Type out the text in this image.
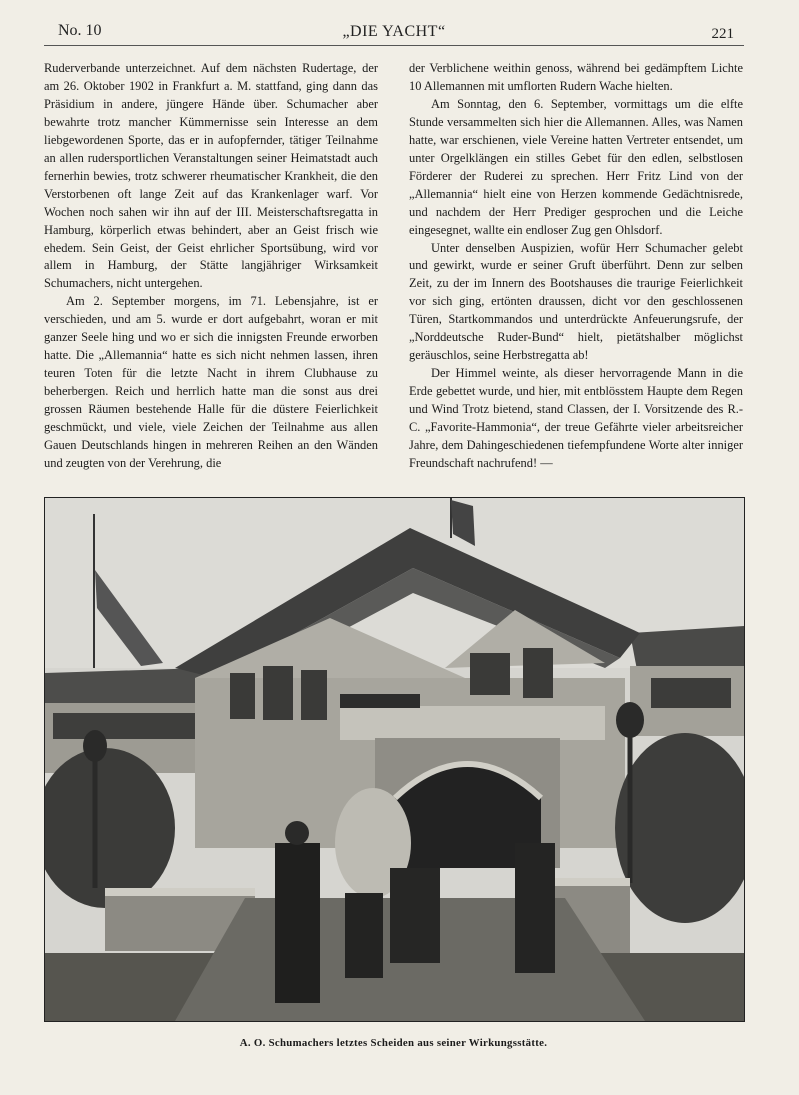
No. 10	„DIE YACHT“	221

Ruderverbande unterzeichnet. Auf dem nächsten Rudertage, der am 26. Oktober 1902 in Frankfurt a. M. stattfand, ging dann das Präsidium in andere, jüngere Hände über. Schumacher aber bewahrte trotz mancher Kümmernisse sein Interesse an dem liebgewordenen Sporte, das er in aufopfernder, tätiger Teilnahme an allen rudersportlichen Veranstaltungen seiner Heimatstadt auch fernerhin bewies, trotz schwerer rheumatischer Krankheit, die den Verstorbenen oft lange Zeit auf das Krankenlager warf. Vor Wochen noch sahen wir ihn auf der III. Meisterschaftsregatta in Hamburg, körperlich etwas behindert, aber an Geist frisch wie ehedem. Sein Geist, der Geist ehrlicher Sportsübung, wird vor allem in Hamburg, der Stätte langjähriger Wirksamkeit Schumachers, nicht untergehen.

Am 2. September morgens, im 71. Lebensjahre, ist er verschieden, und am 5. wurde er dort aufgebahrt, woran er mit ganzer Seele hing und wo er sich die innigsten Freunde erworben hatte. Die „Allemannia“ hatte es sich nicht nehmen lassen, ihren teuren Toten für die letzte Nacht in ihrem Clubhause zu beherbergen. Reich und herrlich hatte man die sonst aus drei grossen Räumen bestehende Halle für die düstere Feierlichkeit geschmückt, und viele, viele Zeichen der Teilnahme aus allen Gauen Deutschlands hingen in mehreren Reihen an den Wänden und zeugten von der Verehrung, die

der Verblichene weithin genoss, während bei gedämpftem Lichte 10 Allemannen mit umflorten Rudern Wache hielten.

Am Sonntag, den 6. September, vormittags um die elfte Stunde versammelten sich hier die Allemannen. Alles, was Namen hatte, war erschienen, viele Vereine hatten Vertreter entsendet, um unter Orgelklängen ein stilles Gebet für den edlen, selbstlosen Förderer der Ruderei zu sprechen. Herr Fritz Lind von der „Allemannia“ hielt eine von Herzen kommende Gedächtnisrede, und nachdem der Herr Prediger gesprochen und die Leiche eingesegnet, wallte ein endloser Zug gen Ohlsdorf.

Unter denselben Auspizien, wofür Herr Schumacher gelebt und gewirkt, wurde er seiner Gruft überführt. Denn zur selben Zeit, zu der im Innern des Bootshauses die traurige Feierlichkeit vor sich ging, ertönten draussen, dicht vor den geschlossenen Türen, Startkommandos und unterdrückte Anfeuerungsrufe, der „Norddeutsche Ruder-Bund“ hielt, pietätshalber möglichst geräuschlos, seine Herbstregatta ab!

Der Himmel weinte, als dieser hervorragende Mann in die Erde gebettet wurde, und hier, mit entblösstem Haupte dem Regen und Wind Trotz bietend, stand Classen, der I. Vorsitzende des R.-C. „Favorite-Hammonia“, der treue Gefährte vieler arbeitsreicher Jahre, dem Dahingeschiedenen tiefempfundene Worte alter inniger Freundschaft nachrufend! —

A. O. Schumachers letztes Scheiden aus seiner Wirkungsstätte.
